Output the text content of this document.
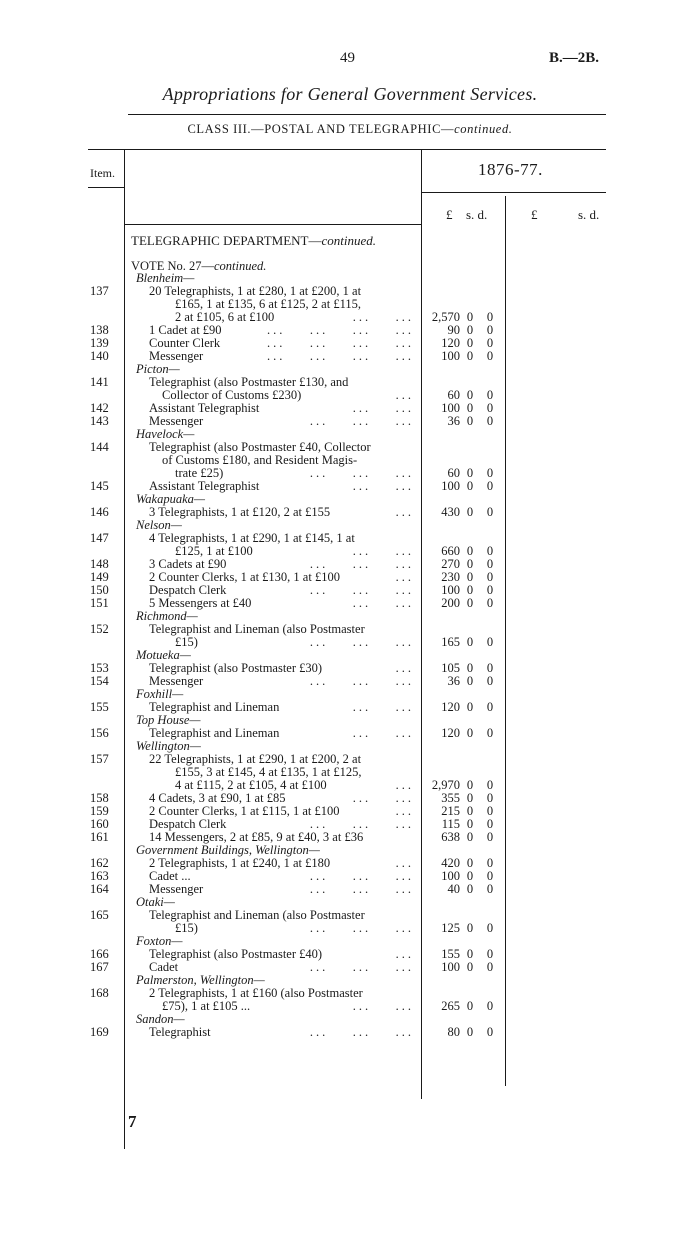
49	B.—2B.
Appropriations for General Government Services.
CLASS III.—POSTAL AND TELEGRAPHIC—continued.
Item.	1876-77.
£ s. d.	£	s. d.
TELEGRAPHIC DEPARTMENT—continued.
VOTE No. 27—continued.
Blenheim—
137	20 Telegraphists, 1 at £280, 1 at £200, 1 at
£165, 1 at £135, 6 at £125, 2 at £115,
2 at £105, 6 at £100	...    ...	2,570 0 0
138	1 Cadet at £90	...    ...    ...    ...	90 0 0
139	Counter Clerk	...    ...    ...    ...	120 0 0
140	Messenger	...    ...    ...    ...	100 0 0
Picton—
141	Telegraphist (also Postmaster £130, and
Collector of Customs £230)	...	60 0 0
142	Assistant Telegraphist	...    ...	100 0 0
143	Messenger	...    ...    ...	36 0 0
Havelock—
144	Telegraphist (also Postmaster £40, Collector
of Customs £180, and Resident Magis-
trate £25)	...    ...    ...	60 0 0
145	Assistant Telegraphist	...    ...	100 0 0
Wakapuaka—
146	3 Telegraphists, 1 at £120, 2 at £155	...	430 0 0
Nelson—
147	4 Telegraphists, 1 at £290, 1 at £145, 1 at
£125, 1 at £100	...    ...	660 0 0
148	3 Cadets at £90	...    ...    ...	270 0 0
149	2 Counter Clerks, 1 at £130, 1 at £100	...	230 0 0
150	Despatch Clerk	...    ...    ...	100 0 0
151	5 Messengers at £40	...    ...	200 0 0
Richmond—
152	Telegraphist and Lineman (also Postmaster
£15)	...    ...    ...	165 0 0
Motueka—
153	Telegraphist (also Postmaster £30)	...	105 0 0
154	Messenger	...    ...    ...	36 0 0
Foxhill—
155	Telegraphist and Lineman	...    ...	120 0 0
Top House—
156	Telegraphist and Lineman	...    ...	120 0 0
Wellington—
157	22 Telegraphists, 1 at £290, 1 at £200, 2 at
£155, 3 at £145, 4 at £135, 1 at £125,
4 at £115, 2 at £105, 4 at £100	...	2,970 0 0
158	4 Cadets, 3 at £90, 1 at £85	...    ...	355 0 0
159	2 Counter Clerks, 1 at £115, 1 at £100	...	215 0 0
160	Despatch Clerk	...    ...    ...	115 0 0
161	14 Messengers, 2 at £85, 9 at £40, 3 at £36	638 0 0
Government Buildings, Wellington—
162	2 Telegraphists, 1 at £240, 1 at £180	...	420 0 0
163	Cadet ...	...    ...    ...	100 0 0
164	Messenger	...    ...    ...	40 0 0
Otaki—
165	Telegraphist and Lineman (also Postmaster
£15)	...    ...    ...	125 0 0
Foxton—
166	Telegraphist (also Postmaster £40)	...	155 0 0
167	Cadet	...    ...    ...	100 0 0
Palmerston, Wellington—
168	2 Telegraphists, 1 at £160 (also Postmaster
£75), 1 at £105 ...	...    ...	265 0 0
Sandon—
169	Telegraphist	...    ...    ...	80 0 0
7
